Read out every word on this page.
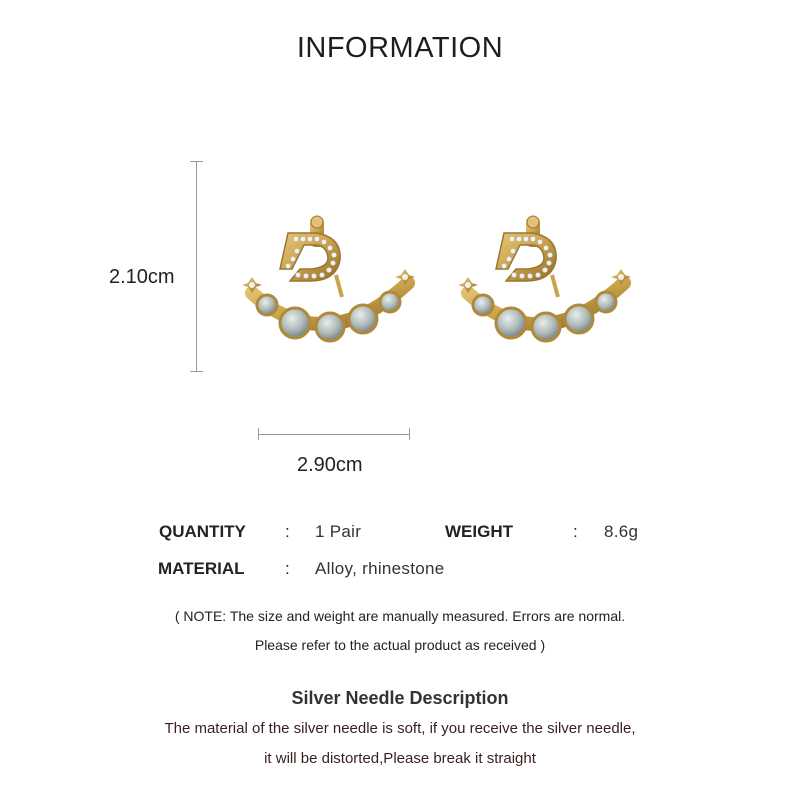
INFORMATION
2.10cm
2.90cm
QUANTITY : 1 Pair	WEIGHT	: 8.6g
MATERIAL : Alloy, rhinestone
( NOTE: The size and weight are manually measured. Errors are normal.
Please refer to the actual product as received )
Silver Needle Description
The material of the silver needle is soft, if you receive the silver needle,
it will be distorted,Please break it straight
